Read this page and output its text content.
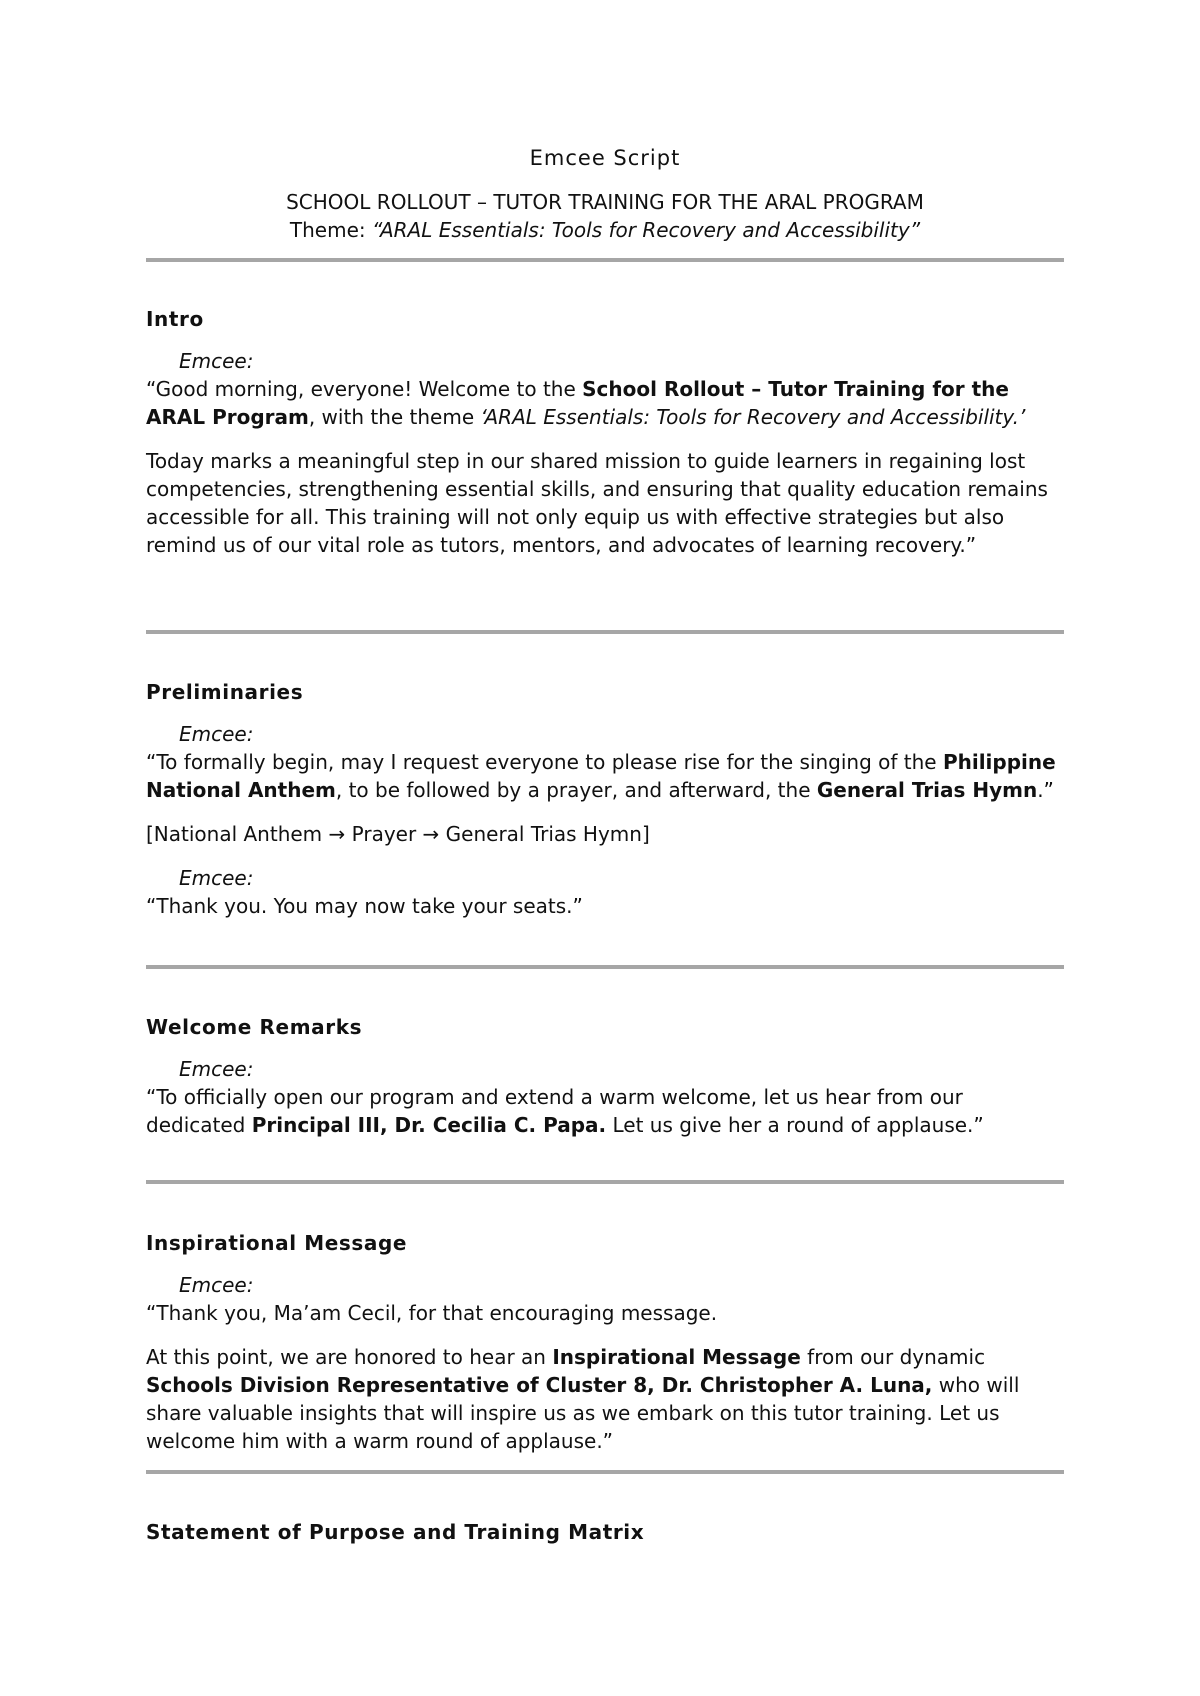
Emcee Script
SCHOOL ROLLOUT – TUTOR TRAINING FOR THE ARAL PROGRAM
Theme: “ARAL Essentials: Tools for Recovery and Accessibility”

Intro

Emcee:

“Good morning, everyone! Welcome to the School Rollout – Tutor Training for the ARAL Program, with the theme ‘ARAL Essentials: Tools for Recovery and Accessibility.’

Today marks a meaningful step in our shared mission to guide learners in regaining lost competencies, strengthening essential skills, and ensuring that quality education remains accessible for all. This training will not only equip us with effective strategies but also remind us of our vital role as tutors, mentors, and advocates of learning recovery.”

Preliminaries

Emcee:

“To formally begin, may I request everyone to please rise for the singing of the Philippine National Anthem, to be followed by a prayer, and afterward, the General Trias Hymn.”

[National Anthem → Prayer → General Trias Hymn]

Emcee:

“Thank you. You may now take your seats.”

Welcome Remarks

Emcee:

“To officially open our program and extend a warm welcome, let us hear from our dedicated Principal III, Dr. Cecilia C. Papa. Let us give her a round of applause.”

Inspirational Message

Emcee:

“Thank you, Ma’am Cecil, for that encouraging message.

At this point, we are honored to hear an Inspirational Message from our dynamic Schools Division Representative of Cluster 8, Dr. Christopher A. Luna, who will share valuable insights that will inspire us as we embark on this tutor training. Let us welcome him with a warm round of applause.”

Statement of Purpose and Training Matrix
